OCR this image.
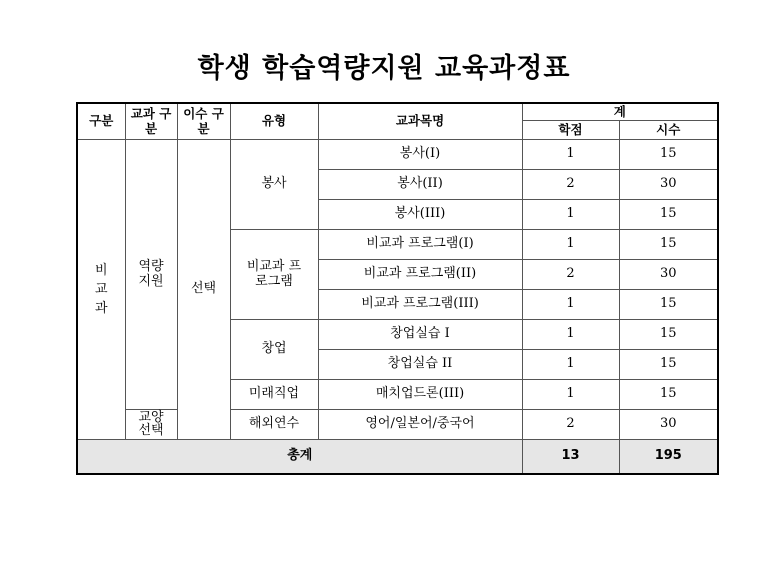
학생 학습역량지원 교육과정표
구분	교과 구분	이수 구분	유형	교과목명	계	
					학점	시수
비교과	역량 지원	선택	봉사	봉사(I)	1	15
				봉사(II)	2	30
				봉사(III)	1	15
			비교과 프로그램	비교과 프로그램(I)	1	15
				비교과 프로그램(II)	2	30
				비교과 프로그램(III)	1	15
			창업	창업실습 I	1	15
				창업실습 II	1	15
			미래직업	매치업드론(III)	1	15
	교양 선택		해외연수	영어/일본어/중국어	2	30
총계					13	195
